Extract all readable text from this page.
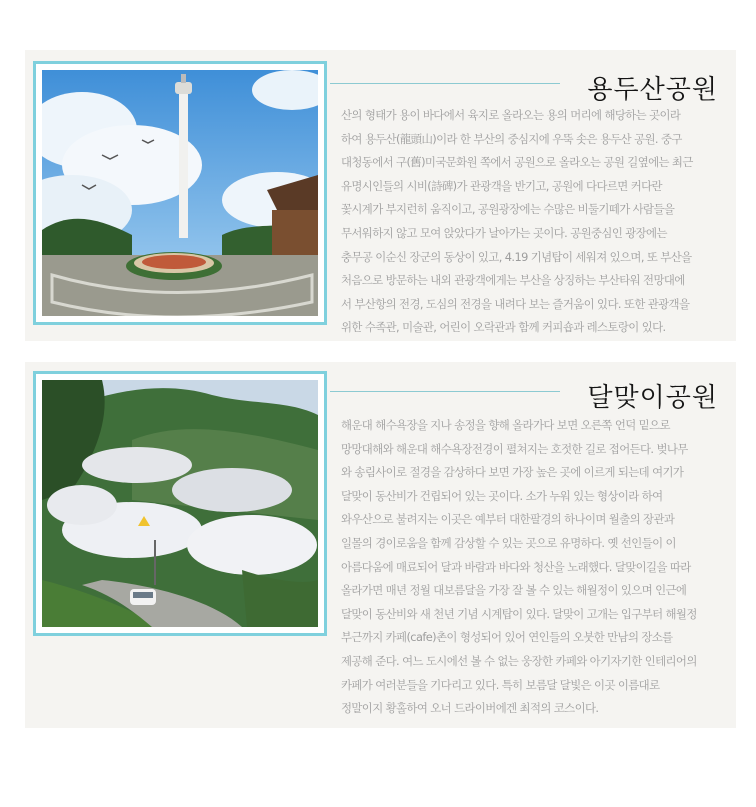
용두산공원
산의 형태가 용이 바다에서 육지로 올라오는 용의 머리에 해당하는 곳이라
하여 용두산(龍頭山)이라 한 부산의 중심지에 우뚝 솟은 용두산 공원. 중구
대청동에서 구(舊)미국문화원 쪽에서 공원으로 올라오는 공원 길옆에는 최근
유명시인들의 시비(詩碑)가 관광객을 반기고, 공원에 다다르면 커다란
꽃시계가 부지런히 움직이고, 공원광장에는 수많은 비둘기떼가 사람들을
무서워하지 않고 모여 앉았다가 날아가는 곳이다. 공원중심인 광장에는
충무공 이순신 장군의 동상이 있고, 4.19 기념탑이 세워져 있으며, 또 부산을
처음으로 방문하는 내외 관광객에게는 부산을 상징하는 부산타워 전망대에
서 부산항의 전경, 도심의 전경을 내려다 보는 즐거움이 있다. 또한 관광객을
위한 수족관, 미술관, 어린이 오락관과 함께 커피숍과 레스토랑이 있다.
달맞이공원
해운대 해수욕장을 지나 송정을 향해 올라가다 보면 오른쪽 언덕 밑으로
망망대해와 해운대 해수욕장전경이 펼쳐지는 호젓한 길로 접어든다. 벚나무
와 송림사이로 절경을 감상하다 보면 가장 높은 곳에 이르게 되는데 여기가
달맞이 동산비가 건립되어 있는 곳이다. 소가 누워 있는 형상이라 하여
와우산으로 불려지는 이곳은 예부터 대한팔경의 하나이며 월출의 장관과
일몰의 경이로움을 함께 감상할 수 있는 곳으로 유명하다. 옛 선인들이 이
아름다움에 매료되어 달과 바람과 바다와 청산을 노래했다. 달맞이길을 따라
올라가면 매년 정월 대보름달을 가장 잘 볼 수 있는 해월정이 있으며 인근에
달맞이 동산비와 새 천년 기념 시계탑이 있다. 달맞이 고개는 입구부터 해월정
부근까지 카페(cafe)촌이 형성되어 있어 연인들의 오붓한 만남의 장소를
제공해 준다. 여느 도시에선 볼 수 없는 웅장한 카페와 아기자기한 인테리어의
카페가 여러분들을 기다리고 있다. 특히 보름달 달빛은 이곳 이름대로
정말이지 황홀하여 오너 드라이버에겐 최적의 코스이다.
